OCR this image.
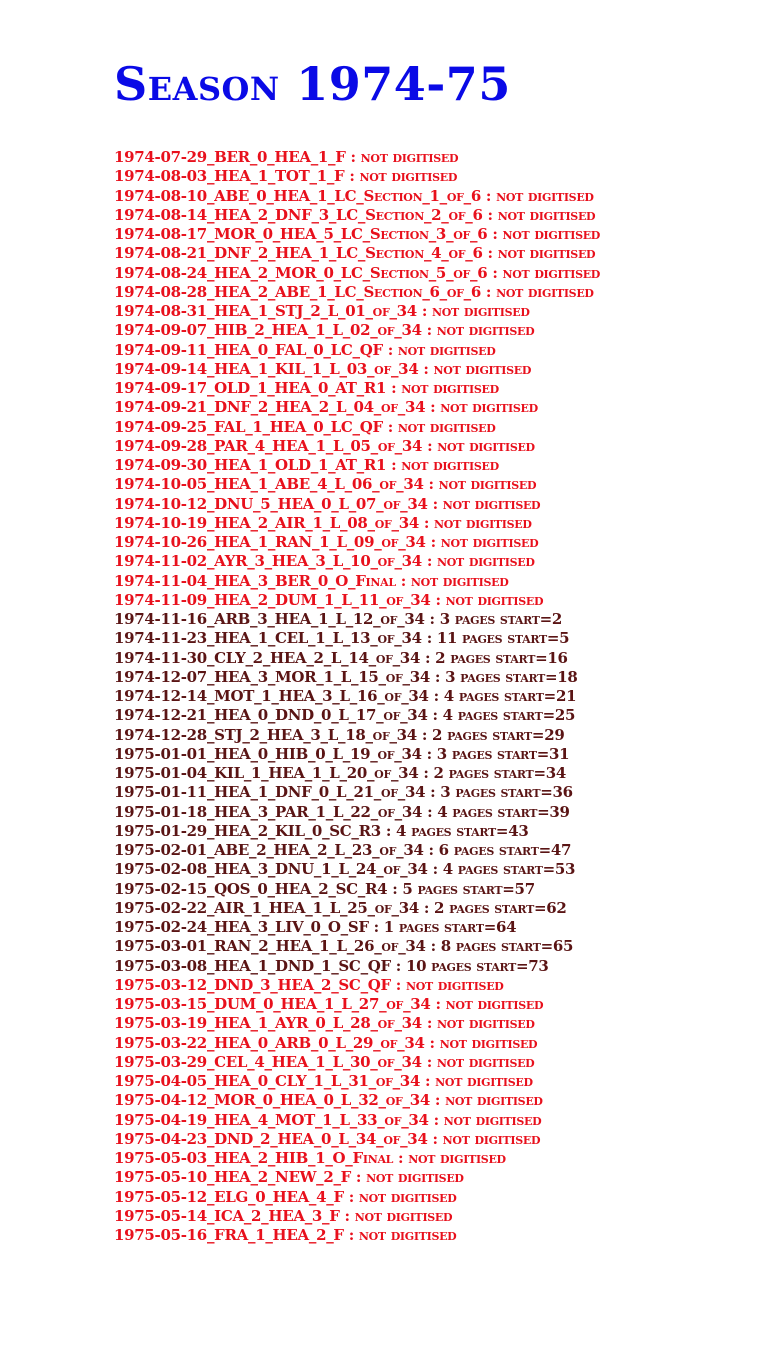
Season 1974-75
1974-07-29_BER_0_HEA_1_F : not digitised
1974-08-03_HEA_1_TOT_1_F : not digitised
1974-08-10_ABE_0_HEA_1_LC_Section_1_of_6 : not digitised
1974-08-14_HEA_2_DNF_3_LC_Section_2_of_6 : not digitised
1974-08-17_MOR_0_HEA_5_LC_Section_3_of_6 : not digitised
1974-08-21_DNF_2_HEA_1_LC_Section_4_of_6 : not digitised
1974-08-24_HEA_2_MOR_0_LC_Section_5_of_6 : not digitised
1974-08-28_HEA_2_ABE_1_LC_Section_6_of_6 : not digitised
1974-08-31_HEA_1_STJ_2_L_01_of_34 : not digitised
1974-09-07_HIB_2_HEA_1_L_02_of_34 : not digitised
1974-09-11_HEA_0_FAL_0_LC_QF : not digitised
1974-09-14_HEA_1_KIL_1_L_03_of_34 : not digitised
1974-09-17_OLD_1_HEA_0_AT_R1 : not digitised
1974-09-21_DNF_2_HEA_2_L_04_of_34 : not digitised
1974-09-25_FAL_1_HEA_0_LC_QF : not digitised
1974-09-28_PAR_4_HEA_1_L_05_of_34 : not digitised
1974-09-30_HEA_1_OLD_1_AT_R1 : not digitised
1974-10-05_HEA_1_ABE_4_L_06_of_34 : not digitised
1974-10-12_DNU_5_HEA_0_L_07_of_34 : not digitised
1974-10-19_HEA_2_AIR_1_L_08_of_34 : not digitised
1974-10-26_HEA_1_RAN_1_L_09_of_34 : not digitised
1974-11-02_AYR_3_HEA_3_L_10_of_34 : not digitised
1974-11-04_HEA_3_BER_0_O_Final : not digitised
1974-11-09_HEA_2_DUM_1_L_11_of_34 : not digitised
1974-11-16_ARB_3_HEA_1_L_12_of_34 : 3 pages start=2
1974-11-23_HEA_1_CEL_1_L_13_of_34 : 11 pages start=5
1974-11-30_CLY_2_HEA_2_L_14_of_34 : 2 pages start=16
1974-12-07_HEA_3_MOR_1_L_15_of_34 : 3 pages start=18
1974-12-14_MOT_1_HEA_3_L_16_of_34 : 4 pages start=21
1974-12-21_HEA_0_DND_0_L_17_of_34 : 4 pages start=25
1974-12-28_STJ_2_HEA_3_L_18_of_34 : 2 pages start=29
1975-01-01_HEA_0_HIB_0_L_19_of_34 : 3 pages start=31
1975-01-04_KIL_1_HEA_1_L_20_of_34 : 2 pages start=34
1975-01-11_HEA_1_DNF_0_L_21_of_34 : 3 pages start=36
1975-01-18_HEA_3_PAR_1_L_22_of_34 : 4 pages start=39
1975-01-29_HEA_2_KIL_0_SC_R3 : 4 pages start=43
1975-02-01_ABE_2_HEA_2_L_23_of_34 : 6 pages start=47
1975-02-08_HEA_3_DNU_1_L_24_of_34 : 4 pages start=53
1975-02-15_QOS_0_HEA_2_SC_R4 : 5 pages start=57
1975-02-22_AIR_1_HEA_1_L_25_of_34 : 2 pages start=62
1975-02-24_HEA_3_LIV_0_O_SF : 1 pages start=64
1975-03-01_RAN_2_HEA_1_L_26_of_34 : 8 pages start=65
1975-03-08_HEA_1_DND_1_SC_QF : 10 pages start=73
1975-03-12_DND_3_HEA_2_SC_QF : not digitised
1975-03-15_DUM_0_HEA_1_L_27_of_34 : not digitised
1975-03-19_HEA_1_AYR_0_L_28_of_34 : not digitised
1975-03-22_HEA_0_ARB_0_L_29_of_34 : not digitised
1975-03-29_CEL_4_HEA_1_L_30_of_34 : not digitised
1975-04-05_HEA_0_CLY_1_L_31_of_34 : not digitised
1975-04-12_MOR_0_HEA_0_L_32_of_34 : not digitised
1975-04-19_HEA_4_MOT_1_L_33_of_34 : not digitised
1975-04-23_DND_2_HEA_0_L_34_of_34 : not digitised
1975-05-03_HEA_2_HIB_1_O_Final : not digitised
1975-05-10_HEA_2_NEW_2_F : not digitised
1975-05-12_ELG_0_HEA_4_F : not digitised
1975-05-14_ICA_2_HEA_3_F : not digitised
1975-05-16_FRA_1_HEA_2_F : not digitised
